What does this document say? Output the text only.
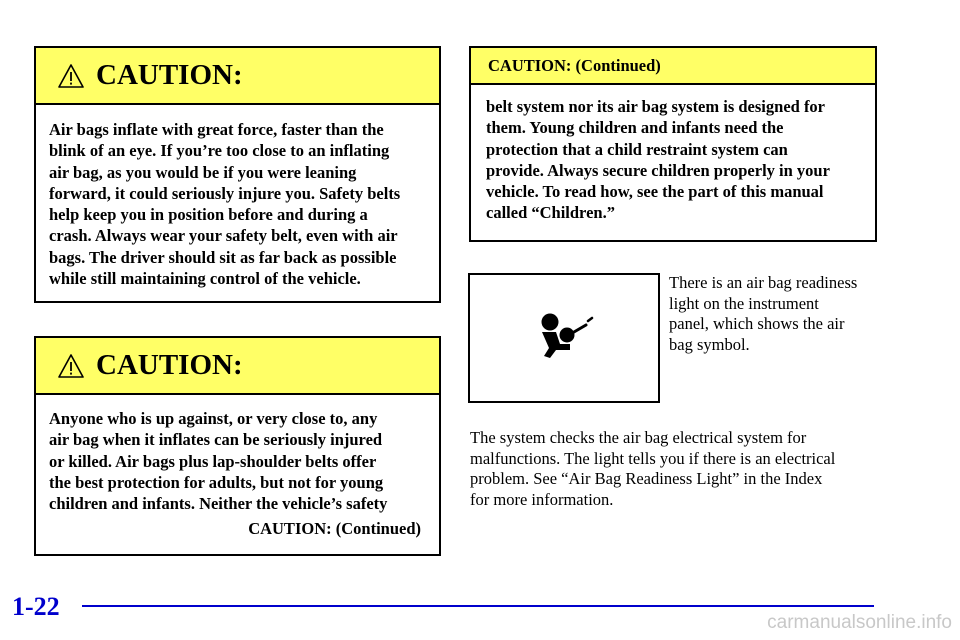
CAUTION:
Air bags inflate with great force, faster than the
blink of an eye. If you’re too close to an inflating
air bag, as you would be if you were leaning
forward, it could seriously injure you. Safety belts
help keep you in position before and during a
crash. Always wear your safety belt, even with air
bags. The driver should sit as far back as possible
while still maintaining control of the vehicle.
CAUTION:
Anyone who is up against, or very close to, any
air bag when it inflates can be seriously injured
or killed. Air bags plus lap-shoulder belts offer
the best protection for adults, but not for young
children and infants. Neither the vehicle’s safety
CAUTION: (Continued)
CAUTION: (Continued)
belt system nor its air bag system is designed for
them. Young children and infants need the
protection that a child restraint system can
provide. Always secure children properly in your
vehicle. To read how, see the part of this manual
called “Children.”
There is an air bag readiness
light on the instrument
panel, which shows the air
bag symbol.
The system checks the air bag electrical system for
malfunctions. The light tells you if there is an electrical
problem. See “Air Bag Readiness Light” in the Index
for more information.
1-22
carmanualsonline.info
